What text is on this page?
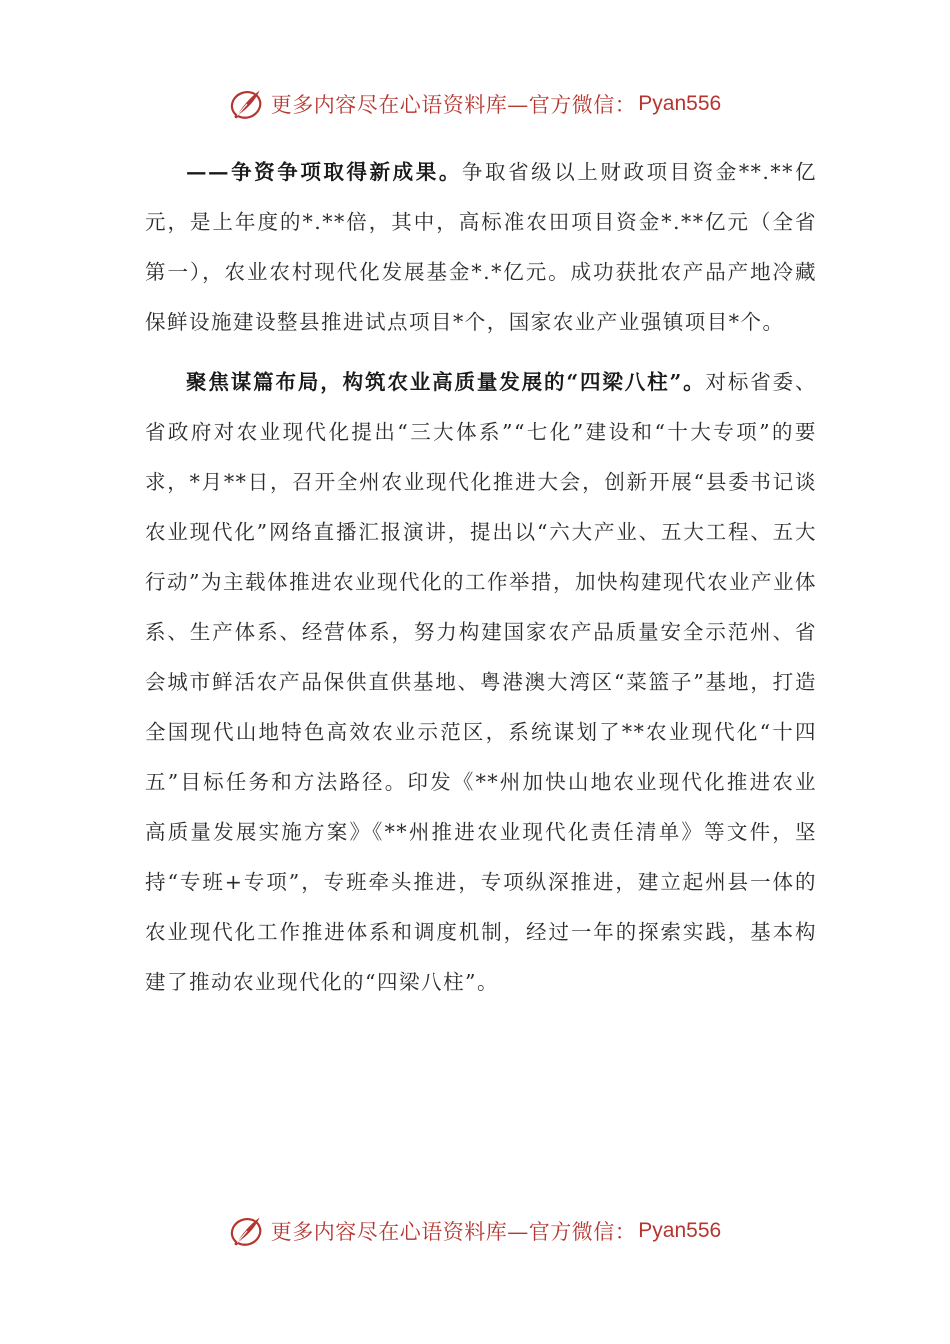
更多内容尽在心语资料库—官方微信： Pyan556

——争资争项取得新成果。争取省级以上财政项目资金**.**亿元，是上年度的*.**倍，其中，高标准农田项目资金*.**亿元（全省第一），农业农村现代化发展基金*.*亿元。成功获批农产品产地冷藏保鲜设施建设整县推进试点项目*个，国家农业产业强镇项目*个。

聚焦谋篇布局，构筑农业高质量发展的“四梁八柱”。对标省委、省政府对农业现代化提出“三大体系”“七化”建设和“十大专项”的要求，*月**日，召开全州农业现代化推进大会，创新开展“县委书记谈农业现代化”网络直播汇报演讲，提出以“六大产业、五大工程、五大行动”为主载体推进农业现代化的工作举措，加快构建现代农业产业体系、生产体系、经营体系，努力构建国家农产品质量安全示范州、省会城市鲜活农产品保供直供基地、粤港澳大湾区“菜篮子”基地，打造全国现代山地特色高效农业示范区，系统谋划了**农业现代化“十四五”目标任务和方法路径。印发《**州加快山地农业现代化推进农业高质量发展实施方案》《**州推进农业现代化责任清单》等文件，坚持“专班+专项”，专班牵头推进，专项纵深推进，建立起州县一体的农业现代化工作推进体系和调度机制，经过一年的探索实践，基本构建了推动农业现代化的“四梁八柱”。

更多内容尽在心语资料库—官方微信： Pyan556
